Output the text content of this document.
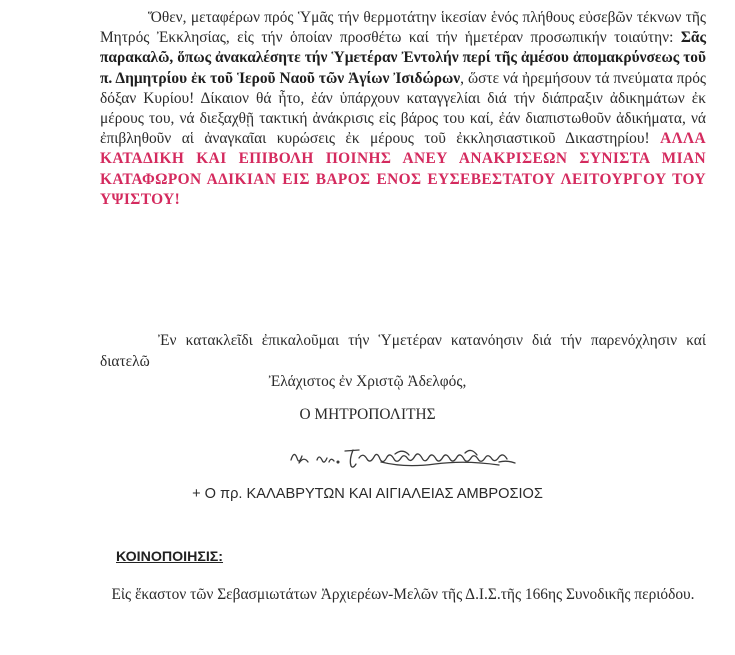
Ὅθεν, μεταφέρων πρός Ὑμᾶς τήν θερμοτάτην ἱκεσίαν ἑνός πλήθους εὐσεβῶν τέκνων τῆς Μητρός Ἐκκλησίας, εἰς τήν ὁποίαν προσθέτω καί τήν ἡμετέραν προσωπικήν τοιαύτην: Σᾶς παρακαλῶ, ὅπως ἀνακαλέσητε τήν Ὑμετέραν Ἐντολήν περί τῆς ἀμέσου ἀπομακρύνσεως τοῦ π. Δημητρίου ἐκ τοῦ Ἱεροῦ Ναοῦ τῶν Ἁγίων Ἰσιδώρων, ὥστε νά ἠρεμήσουν τά πνεύματα πρός δόξαν Κυρίου! Δίκαιον θά ἦτο, ἐάν ὑπάρχουν καταγγελίαι διά τήν διάπραξιν ἀδικημάτων ἐκ μέρους του, νά διεξαχθῇ τακτική ἀνάκρισις εἰς βάρος του καί, ἐάν διαπιστωθοῦν ἀδικήματα, νά ἐπιβληθοῦν αἱ ἀναγκαῖαι κυρώσεις ἐκ μέρους τοῦ ἐκκλησιαστικοῦ Δικαστηρίου! ΑΛΛΑ ΚΑΤΑΔΙΚΗ ΚΑΙ ΕΠΙΒΟΛΗ ΠΟΙΝΗΣ ΑΝΕΥ ΑΝΑΚΡΙΣΕΩΝ ΣΥΝΙΣΤΑ ΜΙΑΝ ΚΑΤΑΦΩΡΟΝ ΑΔΙΚΙΑΝ ΕΙΣ ΒΑΡΟΣ ΕΝΟΣ ΕΥΣΕΒΕΣΤΑΤΟΥ ΛΕΙΤΟΥΡΓΟΥ ΤΟΥ ΥΨΙΣΤΟΥ!

Ἐν κατακλεῖδι ἐπικαλοῦμαι τήν Ὑμετέραν κατανόησιν διά τήν παρενόχλησιν καί διατελῶ

Ἐλάχιστος ἐν Χριστῷ Ἀδελφός,

Ο ΜΗΤΡΟΠΟΛΙΤΗΣ

+ Ο πρ. ΚΑΛΑΒΡΥΤΩΝ ΚΑΙ ΑΙΓΙΑΛΕΙΑΣ ΑΜΒΡΟΣΙΟΣ

ΚΟΙΝΟΠΟΙΗΣΙΣ:

Εἰς ἕκαστον τῶν Σεβασμιωτάτων Ἀρχιερέων-Μελῶν τῆς Δ.Ι.Σ.τῆς 166ης Συνοδικῆς περιόδου.
